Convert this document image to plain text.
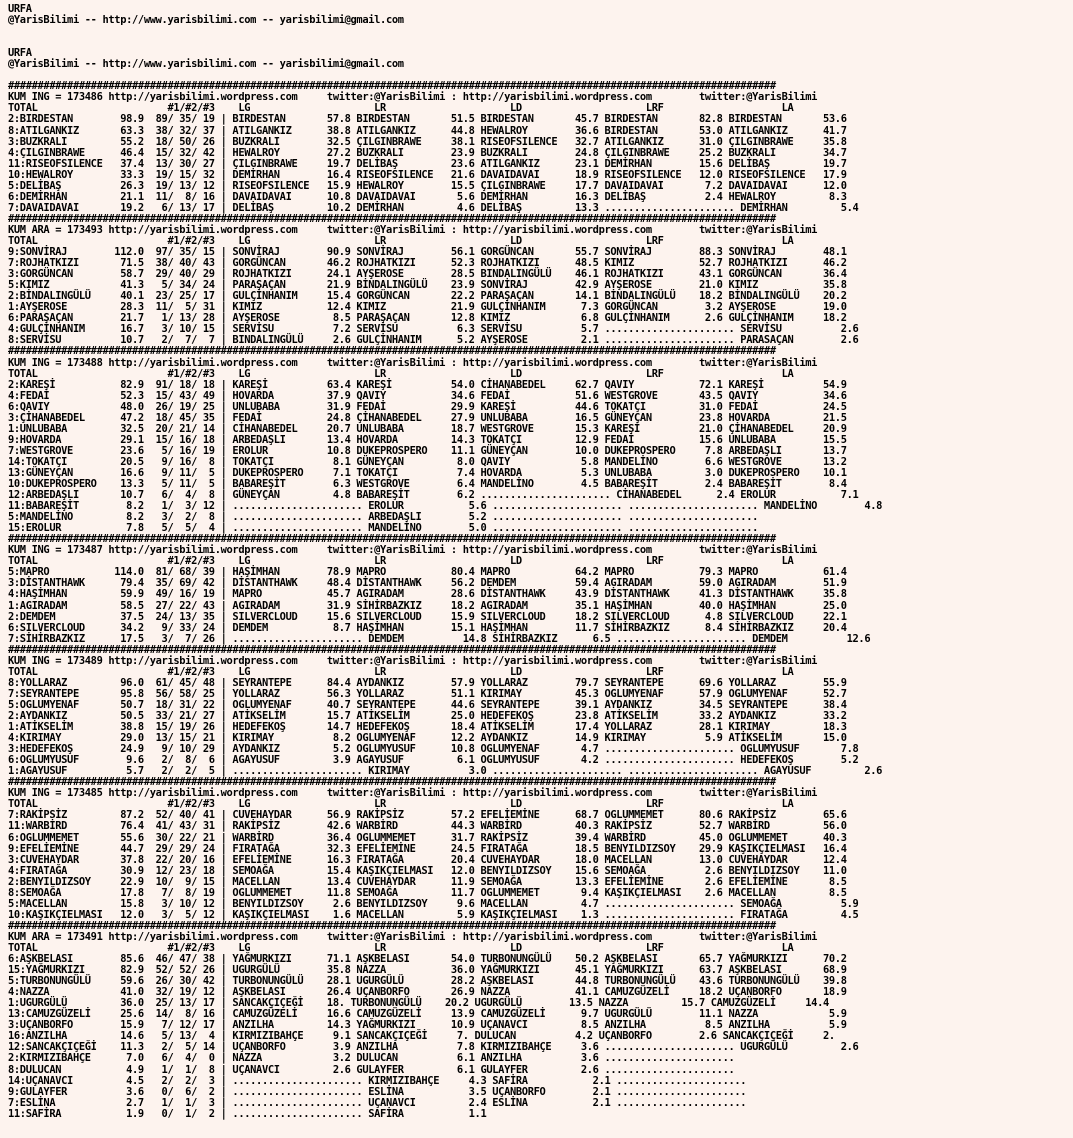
URFA
@YarisBilimi -- http://www.yarisbilimi.com -- yarisbilimi@gmail.com
URFA
@YarisBilimi -- http://www.yarisbilimi.com -- yarisbilimi@gmail.com
##################################################################################################################################
KUM ING = 173486 http://yarisbilimi.wordpress.com     twitter:@YarisBilimi : http://yarisbilimi.wordpress.com        twitter:@YarisBilimi
TOTAL                      #1/#2/#3    LG                     LR                     LD                     LRF                    LA
2:BIRDESTAN        98.9  89/ 35/ 19 | BIRDESTAN       57.8 BIRDESTAN       51.5 BIRDESTAN       45.7 BIRDESTAN       82.8 BIRDESTAN       53.6
8:ATILGANKIZ       63.3  38/ 32/ 37 | ATILGANKIZ      38.8 ATILGANKIZ      44.8 HEWALROY        36.6 BIRDESTAN       53.0 ATILGANKIZ      41.7
3:BUZKRALI         55.2  18/ 50/ 26 | BUZKRALI        32.5 ÇILGINBRAWE     38.1 RISEOFSILENCE   32.7 ATILGANKIZ      31.0 ÇILGINBRAWE     35.8
4:ÇILGINBRAWE      46.4  15/ 32/ 42 | HEWALROY        27.2 BUZKRALI        23.9 BUZKRALI        24.8 ÇILGINBRAWE     25.2 BUZKRALI        34.7
11:RISEOFSILENCE   37.4  13/ 30/ 27 | ÇILGINBRAWE     19.7 DELİBAŞ         23.6 ATILGANKIZ      23.1 DEMİRHAN        15.6 DELİBAŞ         19.7
10:HEWALROY        33.3  19/ 15/ 32 | DEMİRHAN        16.4 RISEOFSILENCE   21.6 DAVAIDAVAI      18.9 RISEOFSILENCE   12.0 RISEOFSILENCE   17.9
5:DELİBAŞ          26.3  19/ 13/ 12 | RISEOFSILENCE   15.9 HEWALROY        15.5 ÇILGINBRAWE     17.7 DAVAIDAVAI       7.2 DAVAIDAVAI      12.0
6:DEMİRHAN         21.1  11/  8/ 16 | DAVAIDAVAI      10.8 DAVAIDAVAI       5.6 DEMİRHAN        16.3 DELİBAŞ          2.4 HEWALROY         8.3
7:DAVAIDAVAI       19.2   6/ 13/ 17 | DELİBAŞ         10.2 DEMİRHAN         4.6 DELİBAŞ         13.3 ...................... DEMİRHAN         5.4
##################################################################################################################################
KUM ARA = 173493 http://yarisbilimi.wordpress.com     twitter:@YarisBilimi : http://yarisbilimi.wordpress.com        twitter:@YarisBilimi
TOTAL                      #1/#2/#3    LG                     LR                     LD                     LRF                    LA
9:SONVİRAJ        112.0  97/ 35/ 15 | SONVİRAJ        90.9 SONVİRAJ        56.1 GORGÜNCAN       55.7 SONVİRAJ        88.3 SONVİRAJ        48.1
7:ROJHATKIZI       71.5  38/ 40/ 43 | GORGÜNCAN       46.2 ROJHATKIZI      52.3 ROJHATKIZI      48.5 KIMIZ           52.7 ROJHATKIZI      46.2
3:GORGÜNCAN        58.7  29/ 40/ 29 | ROJHATKIZI      24.1 AYŞEROSE        28.5 BINDALINGÜLÜ    46.1 ROJHATKIZI      43.1 GORGÜNCAN       36.4
5:KIMIZ            41.3   5/ 34/ 24 | PARAŞAÇAN       21.9 BİNDALINGÜLÜ    23.9 SONVİRAJ        42.9 AYŞEROSE        21.0 KIMIZ           35.8
2:BİNDALINGÜLÜ     40.1  23/ 25/ 17 | GULÇİNHANIM     15.4 GORGÜNCAN       22.2 PARAŞAÇAN       14.1 BİNDALINGÜLÜ    18.2 BİNDALINGÜLÜ    20.2
1:AYŞEROSE         28.3  11/  5/ 31 | KIMIZ           12.4 KIMIZ           21.9 GULÇİNHANIM      7.3 GORGÜNCAN        3.2 AYŞEROSE        19.0
6:PARAŞAÇAN        21.7   1/ 13/ 28 | AYŞEROSE         8.5 PARAŞAÇAN       12.8 KIMIZ            6.8 GULÇİNHANIM      2.6 GULÇİNHANIM     18.2
4:GULÇİNHANIM      16.7   3/ 10/ 15 | SERVİSU          7.2 SERVİSU          6.3 SERVİSU          5.7 ...................... SERVİSU          2.6
8:SERVİSU          10.7   2/  7/  7 | BINDALINGÜLÜ     2.6 GULÇİNHANIM      5.2 AYŞEROSE         2.1 ...................... PARASAÇAN        2.6
##################################################################################################################################
KUM ING = 173488 http://yarisbilimi.wordpress.com     twitter:@YarisBilimi : http://yarisbilimi.wordpress.com        twitter:@YarisBilimi
TOTAL                      #1/#2/#3    LG                     LR                     LD                     LRF                    LA
2:KAREŞİ           82.9  91/ 18/ 18 | KAREŞİ          63.4 KAREŞİ          54.0 CİHANABEDEL     62.7 QAVIY           72.1 KAREŞİ          54.9
4:FEDAİ            52.3  15/ 43/ 49 | HOVARDA         37.9 QAVIY           34.6 FEDAİ           51.6 WESTGROVE       43.5 QAVIY           34.6
6:QAVIY            48.0  26/ 19/ 25 | UNLUBABA        31.9 FEDAİ           29.9 KAREŞİ          44.6 TOKATÇI         31.0 FEDAİ           24.5
3:ÇİHANABEDEL      47.2  18/ 45/ 35 | FEDAİ           24.8 ÇİHANABEDEL     27.9 UNLUBABA        16.5 GÜNEYÇAN        23.8 HOVARDA         21.5
1:UNLUBABA         32.5  20/ 21/ 14 | CİHANABEDEL     20.7 UNLUBABA        18.7 WESTGROVE       15.3 KAREŞİ          21.0 ÇİHANABEDEL     20.9
9:HOVARDA          29.1  15/ 16/ 18 | ARBEDAŞLI       13.4 HOVARDA         14.3 TOKATÇI         12.9 FEDAİ           15.6 UNLUBABA        15.5
7:WESTGROVE        23.6   5/ 16/ 19 | EROLUR          10.8 DUKEPROSPERO    11.1 GÜNEYÇAN        10.0 DUKEPROSPERO     7.8 ARBEDAŞLI       13.7
14:TOKATÇI         20.5   9/ 16/  8 | TOKATÇI          8.1 GÜNEYÇAN         8.0 QAVIY            5.8 MANDELİNO        6.6 WESTGROVE       13.2
13:GÜNEYÇAN        16.6   9/ 11/  5 | DUKEPROSPERO     7.1 TOKATÇI          7.4 HOVARDA          5.3 UNLUBABA         3.0 DUKEPROSPERO    10.1
10:DUKEPROSPERO    13.3   5/ 11/  5 | BABAREŞİT        6.3 WESTGROVE        6.4 MANDELİNO        4.5 BABAREŞİT        2.4 BABAREŞİT        8.4
12:ARBEDAŞLI       10.7   6/  4/  8 | GÜNEYÇAN         4.8 BABAREŞİT        6.2 ...................... CİHANABEDEL      2.4 EROLUR           7.1
11:BABAREŞİT        8.2   1/  3/ 12 | ...................... EROLUR           5.6 ...................... ...................... MANDELİNO        4.8
5:MANDELİNO         8.2   3/  2/  8 | ...................... ARBEDAŞLI        5.2 ...................... ......................
15:EROLUR           7.8   5/  5/  4 | ...................... MANDELİNO        5.0 ...................... ......................
##################################################################################################################################
KUM ING = 173487 http://yarisbilimi.wordpress.com     twitter:@YarisBilimi : http://yarisbilimi.wordpress.com        twitter:@YarisBilimi
TOTAL                      #1/#2/#3    LG                     LR                     LD                     LRF                    LA
5:MAPRO           114.0  81/ 68/ 39 | HAŞİMHAN        78.9 MAPRO           80.4 MAPRO           64.2 MAPRO           79.3 MAPRO           61.4
3:DİSTANTHAWK      79.4  35/ 69/ 42 | DİSTANTHAWK     48.4 DİSTANTHAWK     56.2 DEMDEM          59.4 AGIRADAM        59.0 AGIRADAM        51.9
4:HAŞİMHAN         59.9  49/ 16/ 19 | MAPRO           45.7 AGIRADAM        28.6 DİSTANTHAWK     43.9 DİSTANTHAWK     41.3 DİSTANTHAWK     35.8
1:AGIRADAM         58.5  27/ 22/ 43 | AGIRADAM        31.9 SİHİRBAZKIZ     18.2 AGIRADAM        35.1 HAŞİMHAN        40.0 HAŞİMHAN        25.0
2:DEMDEM           37.5  24/ 13/ 35 | SILVERCLOUD     15.6 SILVERCLOUD     15.9 SILVERCLOUD     18.2 SILVERCLOUD      4.8 SILVERCLOUD     22.1
6:SILVERCLOUD      34.2   9/ 33/ 24 | DEMDEM           8.7 HAŞİMHAN        15.1 HAŞİMHAN        11.7 SİHİRBAZKIZ      8.4 SİHİRBAZKIZ     20.4
7:SİHİRBAZKIZ      17.5   3/  7/ 26 | ...................... DEMDEM          14.8 SİHİRBAZKIZ      6.5 ...................... DEMDEM          12.6
##################################################################################################################################
KUM ING = 173489 http://yarisbilimi.wordpress.com     twitter:@YarisBilimi : http://yarisbilimi.wordpress.com        twitter:@YarisBilimi
TOTAL                      #1/#2/#3    LG                     LR                     LD                     LRF                    LA
8:YOLLARAZ         96.0  61/ 45/ 48 | SEYRANTEPE      84.4 AYDANKIZ        57.9 YOLLARAZ        79.7 SEYRANTEPE      69.6 YOLLARAZ        55.9
7:SEYRANTEPE       95.8  56/ 58/ 25 | YOLLARAZ        56.3 YOLLARAZ        51.1 KIRIMAY         45.3 OGLUMYENAF      57.9 OGLUMYENAF      52.7
5:OGLUMYENAF       50.7  18/ 31/ 22 | OGLUMYENAF      40.7 SEYRANTEPE      44.6 SEYRANTEPE      39.1 AYDANKIZ        34.5 SEYRANTEPE      38.4
2:AYDANKIZ         50.5  33/ 21/ 27 | ATİKSELİM       15.7 ATİKSELİM       25.0 HEDEFEKOŞ       23.8 ATİKSELİM       33.2 AYDANKIZ        33.2
1:ATİKSELİM        38.8  15/ 19/ 26 | HEDEFEKOŞ       14.7 HEDEFEKOŞ       18.4 ATİKSELİM       17.4 YOLLARAZ        28.1 KIRIMAY         18.3
4:KIRIMAY          29.0  13/ 15/ 21 | KIRIMAY          8.2 OGLUMYENAF      12.2 AYDANKIZ        14.9 KIRIMAY          5.9 ATİKSELİM       15.0
3:HEDEFEKOŞ        24.9   9/ 10/ 29 | AYDANKIZ         5.2 OGLUMYUSUF      10.8 OGLUMYENAF       4.7 ...................... OGLUMYUSUF       7.8
6:OGLUMYUSUF        9.6   2/  8/  6 | AGAYUSUF         3.9 AGAYUSUF         6.1 OGLUMYUSUF       4.2 ...................... HEDEFEKOŞ        5.2
1:AGAYUSUF          5.7   2/  2/  5 | ...................... KIRIMAY          3.0 ...................... ...................... AGAYUSUF         2.6
##################################################################################################################################
KUM ING = 173485 http://yarisbilimi.wordpress.com     twitter:@YarisBilimi : http://yarisbilimi.wordpress.com        twitter:@YarisBilimi
TOTAL                      #1/#2/#3    LG                     LR                     LD                     LRF                    LA
7:RAKİPSİZ         87.2  52/ 40/ 41 | CUVEHAYDAR      56.9 RAKİPSİZ        57.2 EFELİEMİNE      68.7 OGLUMMEMET      80.6 RAKİPSİZ        65.6
11:WARBİRD         76.4  41/ 43/ 31 | RAKİPSİZ        42.6 WARBİRD         44.3 WARBİRD         40.3 RAKİPSİZ        52.7 WARBİRD         56.0
6:OGLUMMEMET       55.6  30/ 22/ 21 | WARBİRD         36.4 OGLUMMEMET      31.7 RAKİPSİZ        39.4 WARBİRD         45.0 OGLUMMEMET      40.3
9:EFELİEMİNE       44.7  29/ 29/ 24 | FIRATAĞA        32.3 EFELİEMİNE      24.5 FIRATAĞA        18.5 BENYILDIZSOY    29.9 KAŞIKÇIELMASI   16.4
3:CUVEHAYDAR       37.8  22/ 20/ 16 | EFELİEMİNE      16.3 FIRATAĞA        20.4 CUVEHAYDAR      18.0 MACELLAN        13.0 CUVEHAYDAR      12.4
4:FIRATAĞA         30.9  12/ 23/ 18 | SEMOAĞA         15.4 KAŞIKÇIELMASI   12.0 BENYILDIZSOY    15.6 SEMOAĞA          2.6 BENYILDIZSOY    11.0
2:BENYILDIZSOY     22.9  10/  9/ 15 | MACELLAN        13.4 CUVEHAYDAR      11.9 SEMOAĞA         13.3 EFELİEMİNE       2.6 EFELİEMİNE       8.5
8:SEMOAĞA          17.8   7/  8/ 19 | OGLUMMEMET      11.8 SEMOAĞA         11.7 OGLUMMEMET       9.4 KAŞIKÇIELMASI    2.6 MACELLAN         8.5
5:MACELLAN         15.8   3/ 10/ 12 | BENYILDIZSOY     2.6 BENYILDIZSOY     9.6 MACELLAN         4.7 ...................... SEMOAĞA          5.9
10:KAŞIKÇIELMASI   12.0   3/  5/ 12 | KAŞIKÇIELMASI    1.6 MACELLAN         5.9 KAŞIKÇIELMASI    1.3 ...................... FIRATAĞA         4.5
##################################################################################################################################
KUM ARA = 173491 http://yarisbilimi.wordpress.com     twitter:@YarisBilimi : http://yarisbilimi.wordpress.com        twitter:@YarisBilimi
TOTAL                      #1/#2/#3    LG                     LR                     LD                     LRF                    LA
6:AŞKBELASI        85.6  46/ 47/ 38 | YAĞMURKIZI      71.1 AŞKBELASI       54.0 TURBONUNGÜLÜ    50.2 AŞKBELASI       65.7 YAĞMURKIZI      70.2
15:YAĞMURKIZI      82.9  52/ 52/ 26 | UGURGÜLÜ        35.8 NAZZA           36.0 YAĞMURKIZI      45.1 YAĞMURKIZI      63.7 AŞKBELASI       68.9
5:TURBONUNGÜLÜ     59.6  26/ 30/ 42 | TURBONUNGÜLÜ    28.1 UGURGÜLÜ        28.2 AŞKBELASI       44.8 TURBONUNGÜLÜ    43.6 TURBONUNGÜLÜ    39.8
4:NAZZA            41.0  32/ 19/ 12 | AŞKBELASI       26.4 UÇANBORFO       26.9 NAZZA           41.1 CAMUZGÜZELİ     18.2 UÇANBORFO       18.9
1:UGURGÜLÜ         36.0  25/ 13/ 17 | SANCAKÇIÇEĞİ    18. TURBONUNGÜLÜ    20.2 UGURGÜLÜ        13.5 NAZZA         15.7 CAMUZGÜZELİ     14.4
13:CAMUZGÜZELİ     25.6  14/  8/ 16 | CAMUZGÜZELİ     16.6 CAMUZGÜZELİ     13.9 CAMUZGÜZELİ      9.7 UGURGÜLÜ        11.1 NAZZA            5.9
3:UÇANBORFO        15.9   7/ 12/ 17 | ANZILHA         14.3 YAĞMURKIZI      10.9 UÇANAVCI         8.5 ANZILHA          8.5 ANZILHA          5.9
16:ANZILHA         14.6   5/ 13/  4 | KIRMIZIBAHÇE     9.1 SANCAKÇIÇEĞİ     7. DULUCAN          4.2 UÇANBORFO        2.6 SANCAKÇIÇEĞİ     2.
12:SANCAKÇIÇEĞİ    11.3   2/  5/ 14 | UÇANBORFO        3.9 ANZILHA          7.8 KIRMIZIBAHÇE     3.6 ...................... UGURGÜLÜ         2.6
2:KIRMIZIBAHÇE      7.0   6/  4/  0 | NAZZA            3.2 DULUCAN          6.1 ANZILHA          3.6 ......................
8:DULUCAN           4.9   1/  1/  8 | UÇANAVCI         2.6 GULAYFER         6.1 GULAYFER         2.6 ......................
14:UÇANAVCI         4.5   2/  2/  3 | ...................... KIRMIZIBAHÇE     4.3 SAFİRA           2.1 ......................
9:GULAYFER          3.6   0/  6/  2 | ...................... ESLİNA           3.5 UÇANBORFO        2.1 ......................
7:ESLİNA            2.7   1/  1/  3 | ...................... UÇANAVCI         2.4 ESLİNA           2.1 ......................
11:SAFİRA           1.9   0/  1/  2 | ...................... SAFİRA           1.1
